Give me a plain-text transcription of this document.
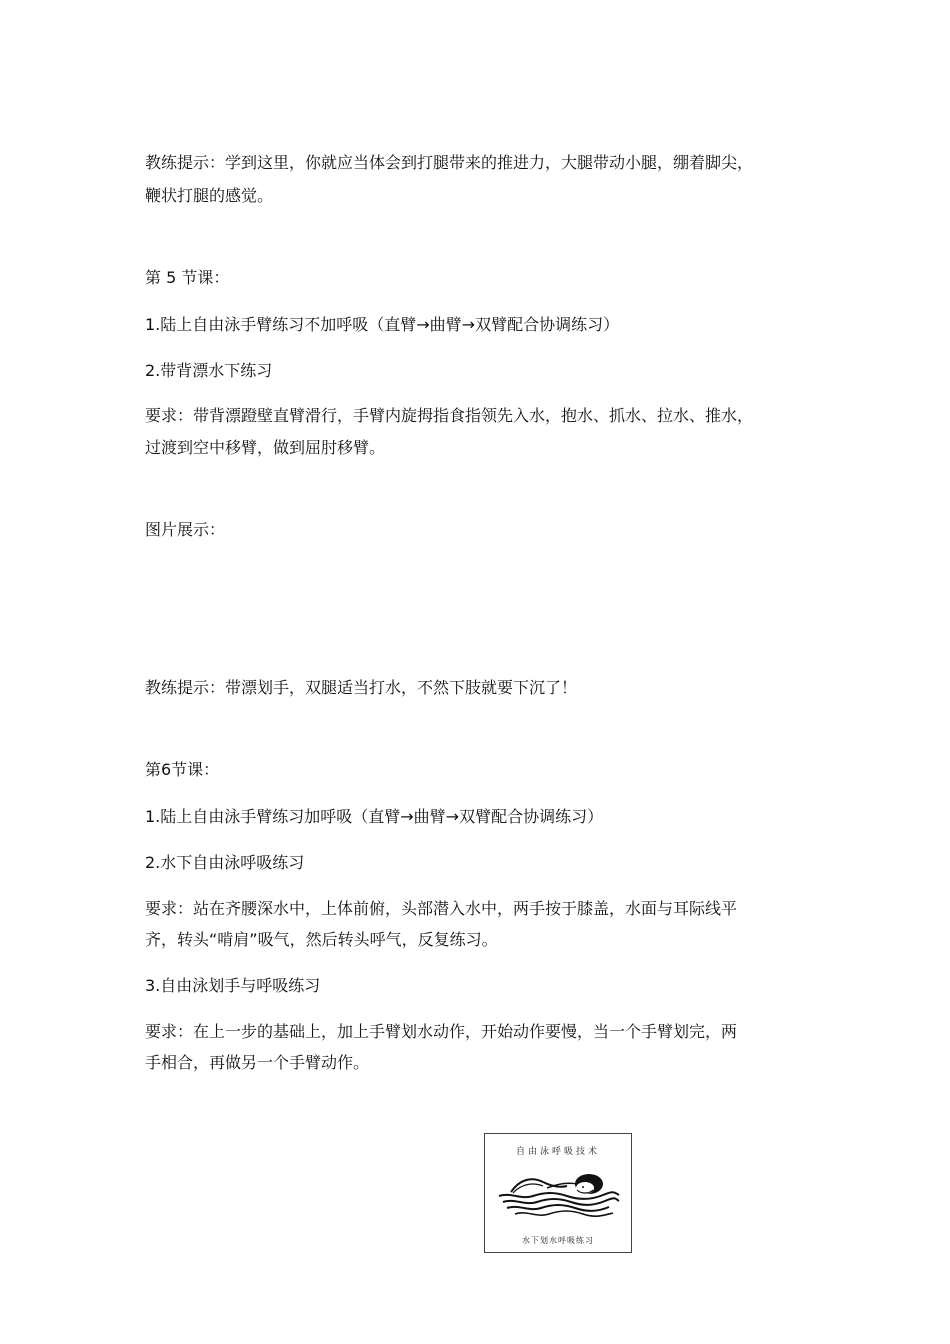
教练提示：学到这里，你就应当体会到打腿带来的推进力，大腿带动小腿，绷着脚尖，

鞭状打腿的感觉。

第 5 节课：

1.陆上自由泳手臂练习不加呼吸（直臂→曲臂→双臂配合协调练习）

2.带背漂水下练习

要求：带背漂蹬壁直臂滑行，手臂内旋拇指食指领先入水，抱水、抓水、拉水、推水，

过渡到空中移臂，做到屈肘移臂。

图片展示：

教练提示：带漂划手，双腿适当打水，不然下肢就要下沉了！

第6节课：

1.陆上自由泳手臂练习加呼吸（直臂→曲臂→双臂配合协调练习）

2.水下自由泳呼吸练习

要求：站在齐腰深水中，上体前俯，头部潜入水中，两手按于膝盖，水面与耳际线平

齐，转头“啃肩”吸气，然后转头呼气，反复练习。

3.自由泳划手与呼吸练习

要求：在上一步的基础上，加上手臂划水动作，开始动作要慢，当一个手臂划完，两

手相合，再做另一个手臂动作。

自由泳呼吸技术
水下划水呼吸练习
